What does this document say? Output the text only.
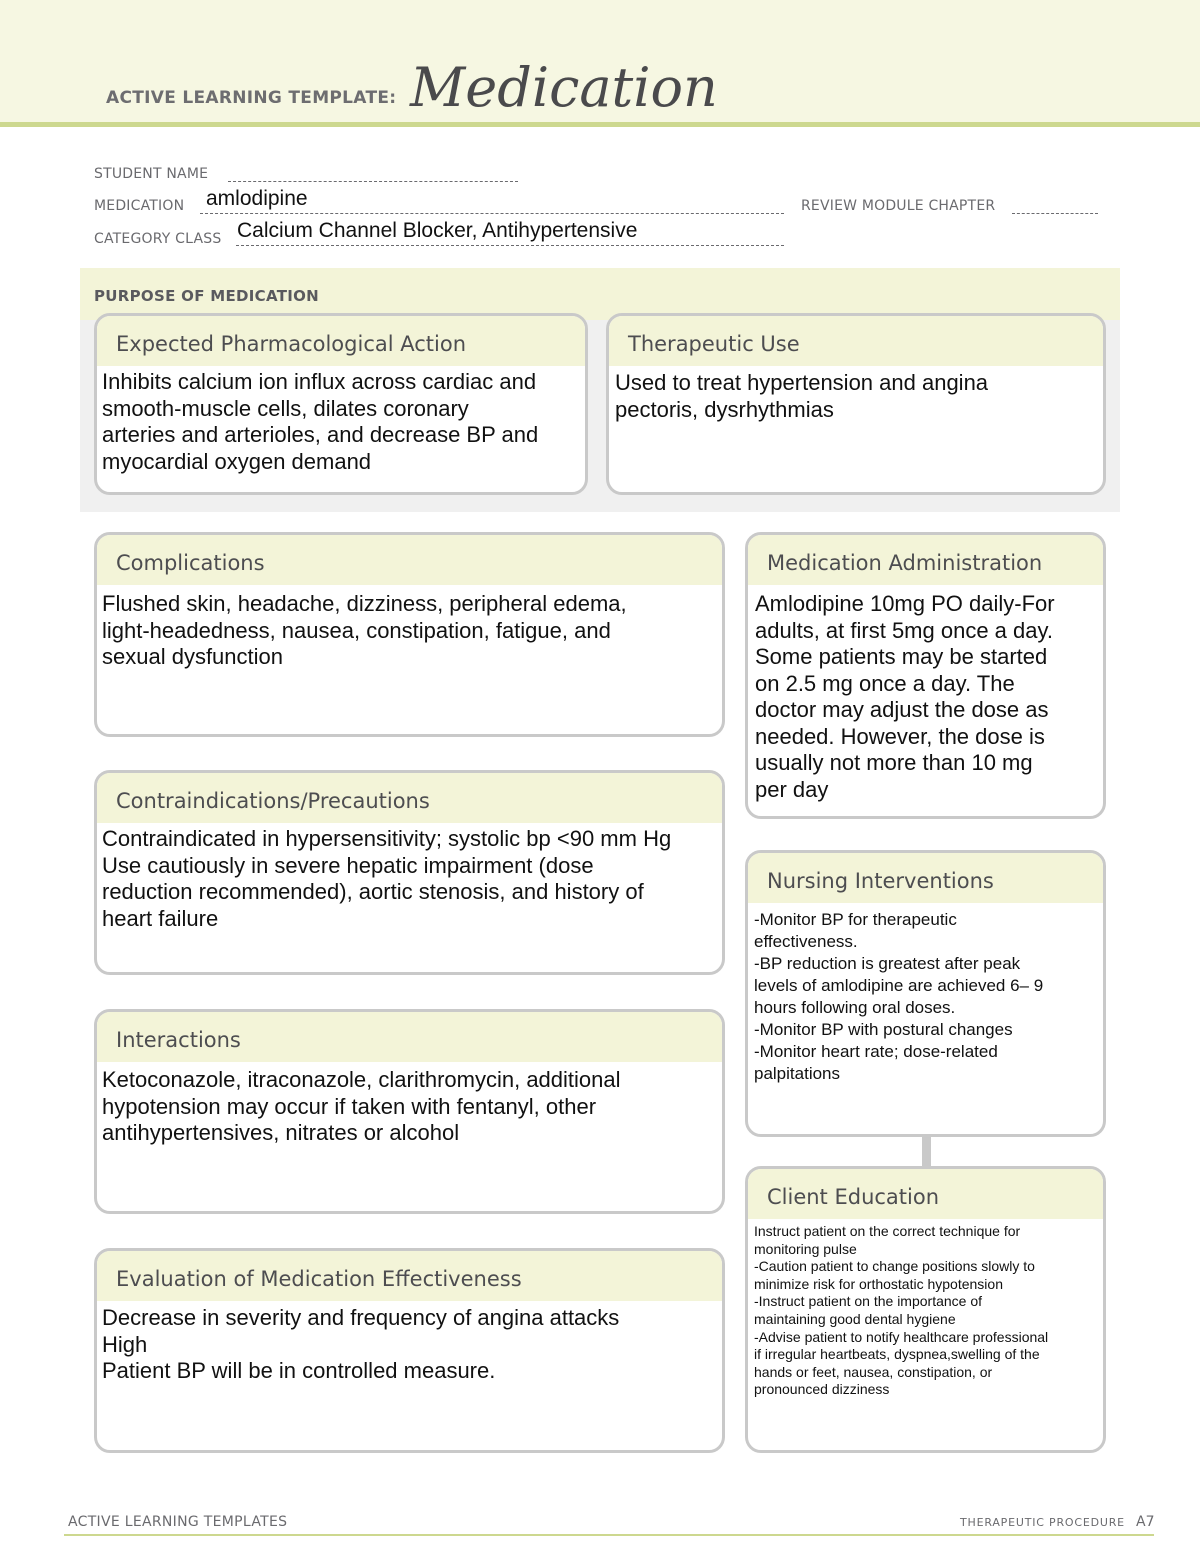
ACTIVE LEARNING TEMPLATE: Medication
STUDENT NAME
MEDICATION amlodipine	REVIEW MODULE CHAPTER
CATEGORY CLASS Calcium Channel Blocker, Antihypertensive
PURPOSE OF MEDICATION
Expected Pharmacological Action
Inhibits calcium ion influx across cardiac and
smooth-muscle cells, dilates coronary
arteries and arterioles, and decrease BP and
myocardial oxygen demand
Therapeutic Use
Used to treat hypertension and angina
pectoris, dysrhythmias
Complications
Flushed skin, headache, dizziness, peripheral edema,
light-headedness, nausea, constipation, fatigue, and
sexual dysfunction
Contraindications/Precautions
Contraindicated in hypersensitivity; systolic bp <90 mm Hg
Use cautiously in severe hepatic impairment (dose
reduction recommended), aortic stenosis, and history of
heart failure
Interactions
Ketoconazole, itraconazole, clarithromycin, additional
hypotension may occur if taken with fentanyl, other
antihypertensives, nitrates or alcohol
Evaluation of Medication Effectiveness
Decrease in severity and frequency of angina attacks
High
Patient BP will be in controlled measure.
Medication Administration
Amlodipine 10mg PO daily-For
adults, at first 5mg once a day.
Some patients may be started
on 2.5 mg once a day. The
doctor may adjust the dose as
needed. However, the dose is
usually not more than 10 mg
per day
Nursing Interventions
-Monitor BP for therapeutic
effectiveness.
-BP reduction is greatest after peak
levels of amlodipine are achieved 6– 9
hours following oral doses.
-Monitor BP with postural changes
-Monitor heart rate; dose-related
palpitations
Client Education
Instruct patient on the correct technique for
monitoring pulse
-Caution patient to change positions slowly to
minimize risk for orthostatic hypotension
-Instruct patient on the importance of
maintaining good dental hygiene
-Advise patient to notify healthcare professional
if irregular heartbeats, dyspnea,swelling of the
hands or feet, nausea, constipation, or
pronounced dizziness
ACTIVE LEARNING TEMPLATES	THERAPEUTIC PROCEDURE A7
